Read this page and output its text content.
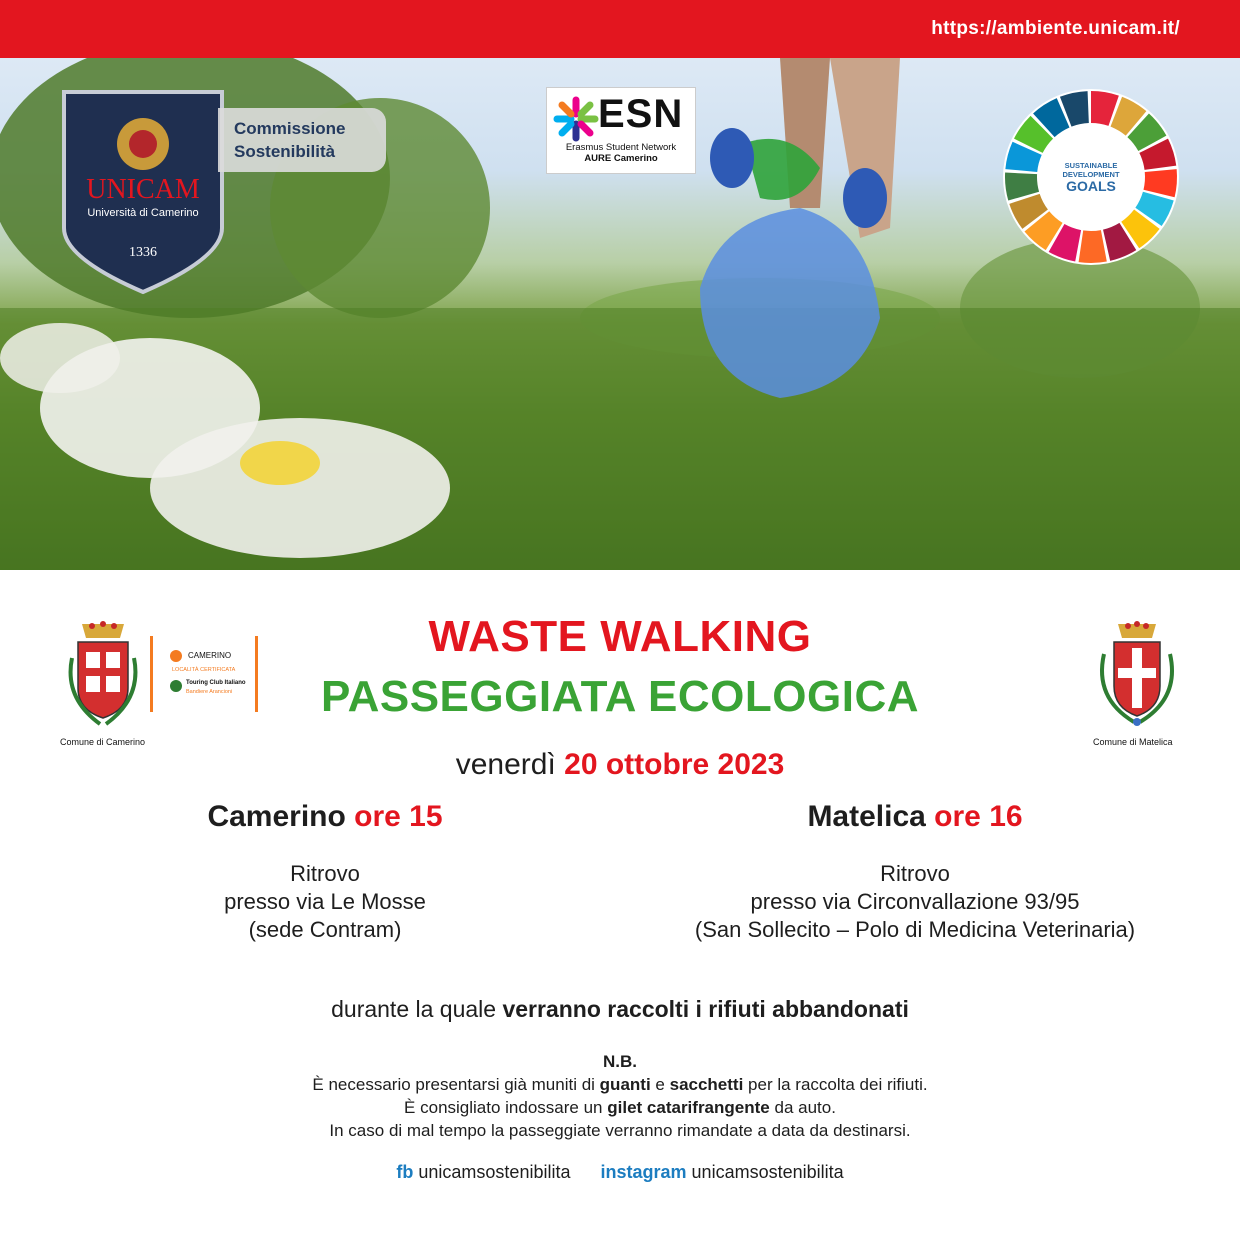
https://ambiente.unicam.it/
UNICAM
Università di Camerino
1336
Commissione
Sostenibilità
ESN
Erasmus Student Network
AURE Camerino
SUSTAINABLE
DEVELOPMENT
GOALS
Comune di Camerino
CAMERINO
LOCALITÀ CERTIFICATA
Touring Club Italiano
Bandiere Arancioni
Comune di Matelica
WASTE WALKING
PASSEGGIATA ECOLOGICA
venerdì 20 ottobre 2023
Camerino ore 15
Ritrovo
presso via Le Mosse
(sede Contram)
Matelica ore 16
Ritrovo
presso via Circonvallazione 93/95
(San Sollecito – Polo di Medicina Veterinaria)
durante la quale verranno raccolti i rifiuti abbandonati
N.B.
È necessario presentarsi già muniti di guanti e sacchetti per la raccolta dei rifiuti.
È consigliato indossare un gilet catarifrangente da auto.
In caso di mal tempo la passeggiate verranno rimandate a data da destinarsi.
fb unicamsostenibilita instagram unicamsostenibilita
